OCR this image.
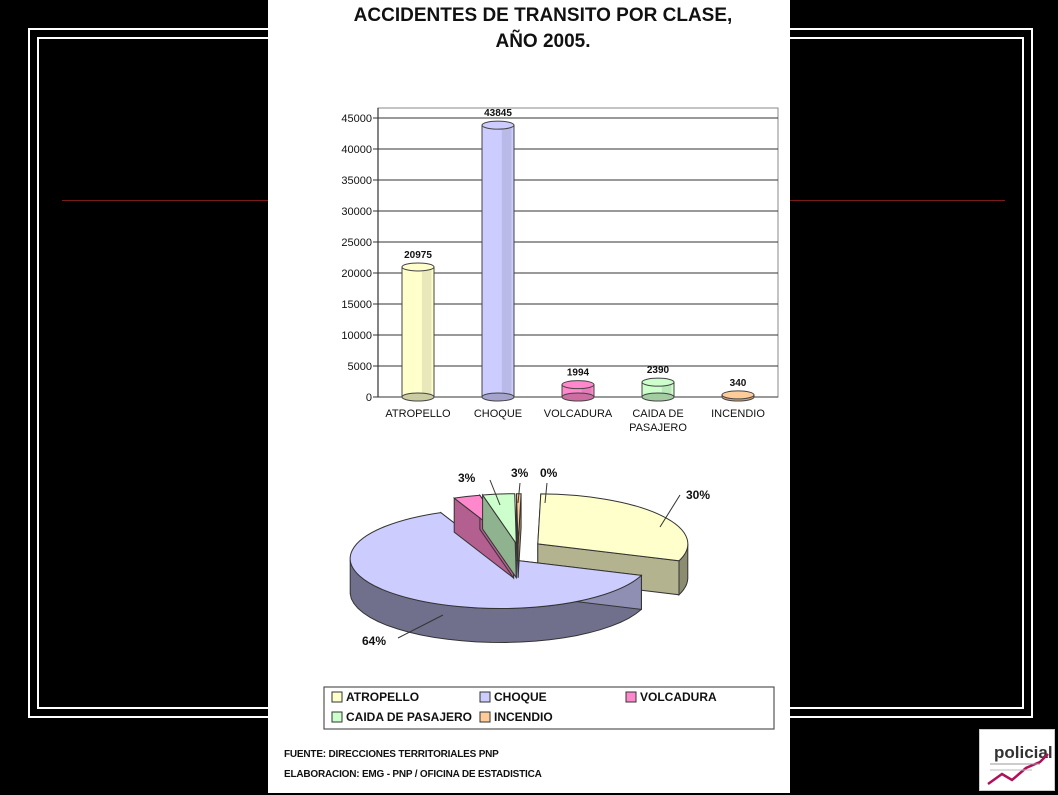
ACCIDENTES DE TRANSITO POR CLASE,
AÑO 2005.
0
5000
10000
15000
20000
25000
30000
35000
40000
45000
20975
43845
1994	2390
340
ATROPELLO CHOQUE VOLCADURA CAIDA DE
PASAJERO
INCENDIO
30%
64%
3%	3% 0%
ATROPELLO	CHOQUE	VOLCADURA
CAIDA DE PASAJERO INCENDIO
FUENTE: DIRECCIONES TERRITORIALES PNP
ELABORACION: EMG - PNP / OFICINA DE ESTADISTICA
policial
